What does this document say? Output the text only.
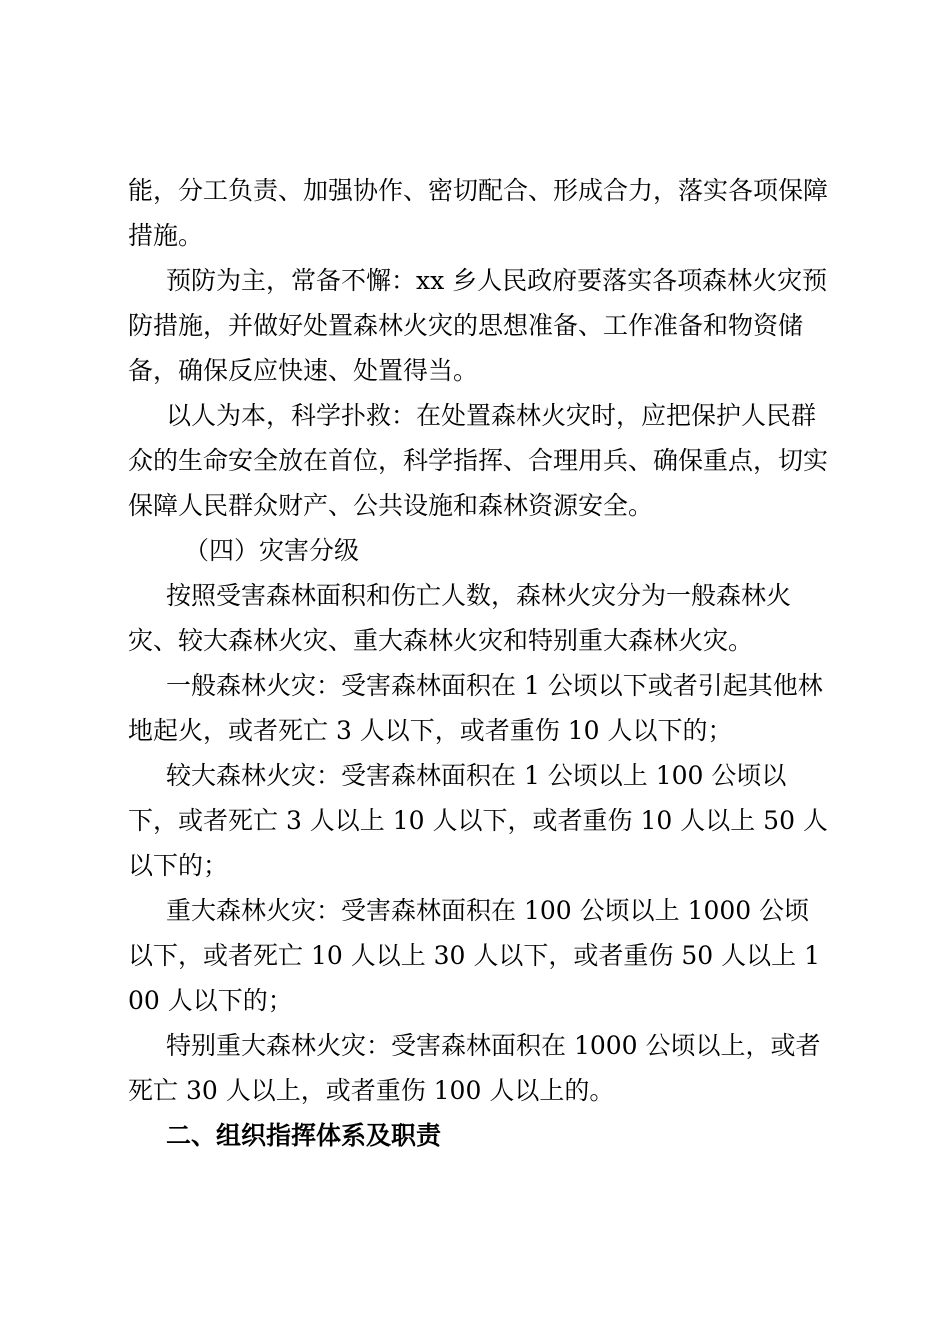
能，分工负责、加强协作、密切配合、形成合力，落实各项保障措施。

预防为主，常备不懈：xx 乡人民政府要落实各项森林火灾预防措施，并做好处置森林火灾的思想准备、工作准备和物资储备，确保反应快速、处置得当。

以人为本，科学扑救：在处置森林火灾时，应把保护人民群众的生命安全放在首位，科学指挥、合理用兵、确保重点，切实保障人民群众财产、公共设施和森林资源安全。

（四）灾害分级

按照受害森林面积和伤亡人数，森林火灾分为一般森林火灾、较大森林火灾、重大森林火灾和特别重大森林火灾。

一般森林火灾：受害森林面积在 1 公顷以下或者引起其他林地起火，或者死亡 3 人以下，或者重伤 10 人以下的；

较大森林火灾：受害森林面积在 1 公顷以上 100 公顷以下，或者死亡 3 人以上 10 人以下，或者重伤 10 人以上 50 人以下的；

重大森林火灾：受害森林面积在 100 公顷以上 1000 公顷以下，或者死亡 10 人以上 30 人以下，或者重伤 50 人以上 100 人以下的；

特别重大森林火灾：受害森林面积在 1000 公顷以上，或者死亡 30 人以上，或者重伤 100 人以上的。

二、组织指挥体系及职责
